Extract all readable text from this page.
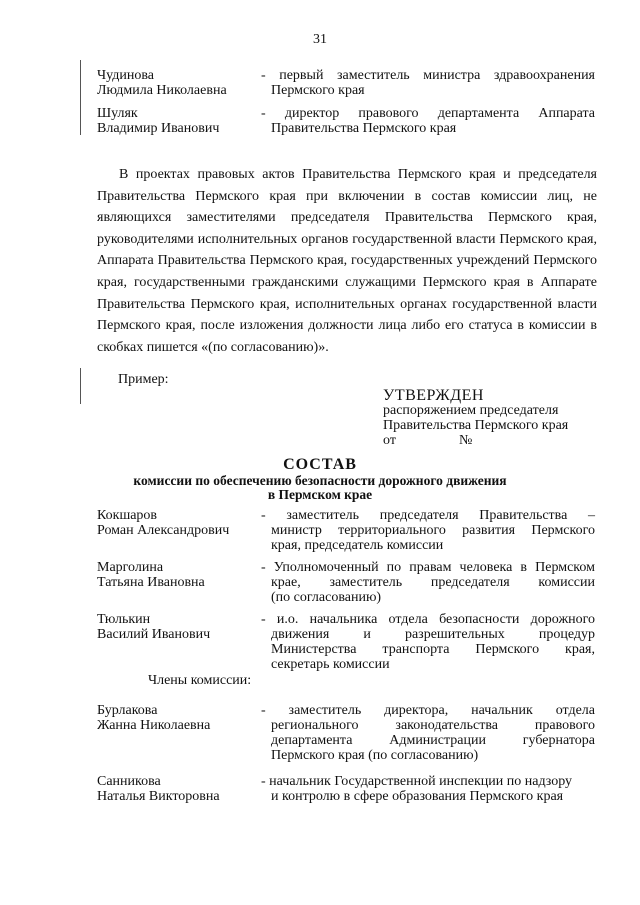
31
Чудинова
Людмила Николаевна
- первый заместитель министра здравоохранения
Пермского края
Шуляк
Владимир Иванович
- директор правового департамента Аппарата
Правительства Пермского края

В проектах правовых актов Правительства Пермского края и председателя Правительства Пермского края при включении в состав комиссии лиц, не являющихся заместителями председателя Правительства Пермского края, руководителями исполнительных органов государственной власти Пермского края, Аппарата Правительства Пермского края, государственных учреждений Пермского края, государственными гражданскими служащими Пермского края в Аппарате Правительства Пермского края, исполнительных органах государственной власти Пермского края, после изложения должности лица либо его статуса в комиссии в скобках пишется «(по согласованию)».

Пример:
УТВЕРЖДЕН
распоряжением председателя
Правительства Пермского края
от	№
СОСТАВ
комиссии по обеспечению безопасности дорожного движения
в Пермском крае
Кокшаров
Роман Александрович
- заместитель председателя Правительства –
министр территориального развития Пермского
края, председатель комиссии
Марголина
Татьяна Ивановна
- Уполномоченный по правам человека в Пермском
крае, заместитель председателя комиссии
(по согласованию)
Тюлькин
Василий Иванович
- и.о. начальника отдела безопасности дорожного
движения и разрешительных процедур
Министерства транспорта Пермского края,
секретарь комиссии
Члены комиссии:
Бурлакова
Жанна Николаевна
- заместитель директора, начальник отдела
регионального законодательства правового
департамента Администрации губернатора
Пермского края (по согласованию)
Санникова
Наталья Викторовна
- начальник Государственной инспекции по надзору
и контролю в сфере образования Пермского края
